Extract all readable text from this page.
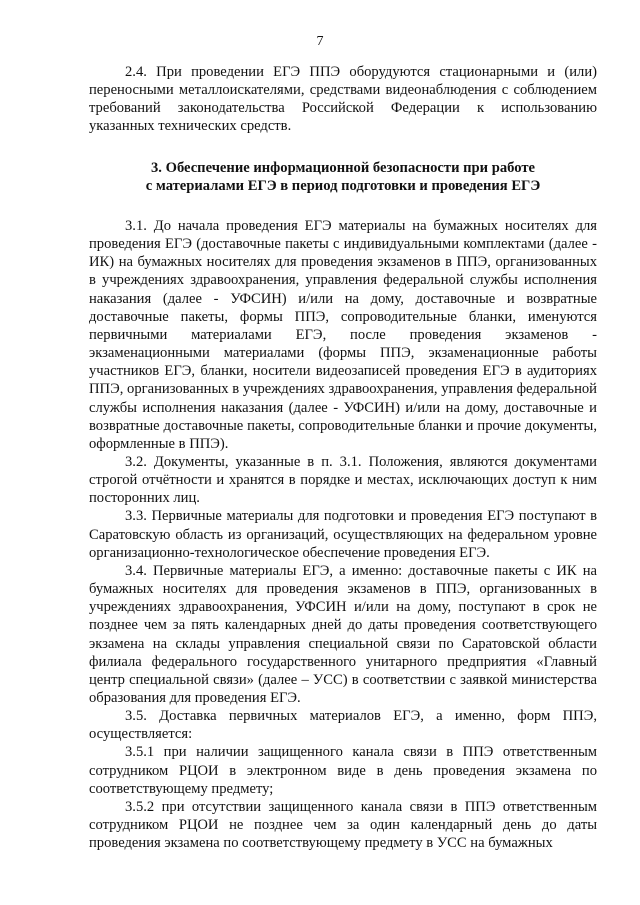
7

2.4. При проведении ЕГЭ ППЭ оборудуются стационарными и (или) переносными металлоискателями, средствами видеонаблюдения с соблюдением требований законодательства Российской Федерации к использованию указанных технических средств.

3. Обеспечение информационной безопасности при работе
с материалами ЕГЭ в период подготовки и проведения ЕГЭ

3.1. До начала проведения ЕГЭ материалы на бумажных носителях для проведения ЕГЭ (доставочные пакеты с индивидуальными комплектами (далее - ИК) на бумажных носителях для проведения экзаменов в ППЭ, организованных в учреждениях здравоохранения, управления федеральной службы исполнения наказания (далее - УФСИН) и/или на дому, доставочные и возвратные доставочные пакеты, формы ППЭ, сопроводительные бланки, именуются первичными материалами ЕГЭ, после проведения экзаменов - экзаменационными материалами (формы ППЭ, экзаменационные работы участников ЕГЭ, бланки, носители видеозаписей проведения ЕГЭ в аудиториях ППЭ, организованных в учреждениях здравоохранения, управления федеральной службы исполнения наказания (далее - УФСИН) и/или на дому, доставочные и возвратные доставочные пакеты, сопроводительные бланки и прочие документы, оформленные в ППЭ).

3.2. Документы, указанные в п. 3.1. Положения, являются документами строгой отчётности и хранятся в порядке и местах, исключающих доступ к ним посторонних лиц.

3.3. Первичные материалы для подготовки и проведения ЕГЭ поступают в Саратовскую область из организаций, осуществляющих на федеральном уровне организационно-технологическое обеспечение проведения ЕГЭ.

3.4. Первичные материалы ЕГЭ, а именно: доставочные пакеты с ИК на бумажных носителях для проведения экзаменов в ППЭ, организованных в учреждениях здравоохранения, УФСИН и/или на дому, поступают в срок не позднее чем за пять календарных дней до даты проведения соответствующего экзамена на склады управления специальной связи по Саратовской области филиала федерального государственного унитарного предприятия «Главный центр специальной связи» (далее – УСС) в соответствии с заявкой министерства образования для проведения ЕГЭ.

3.5. Доставка первичных материалов ЕГЭ, а именно, форм ППЭ, осуществляется:

3.5.1 при наличии защищенного канала связи в ППЭ ответственным сотрудником РЦОИ в электронном виде в день проведения экзамена по соответствующему предмету;

3.5.2 при отсутствии защищенного канала связи в ППЭ ответственным сотрудником РЦОИ не позднее чем за один календарный день до даты проведения экзамена по соответствующему предмету в УСС на бумажных
